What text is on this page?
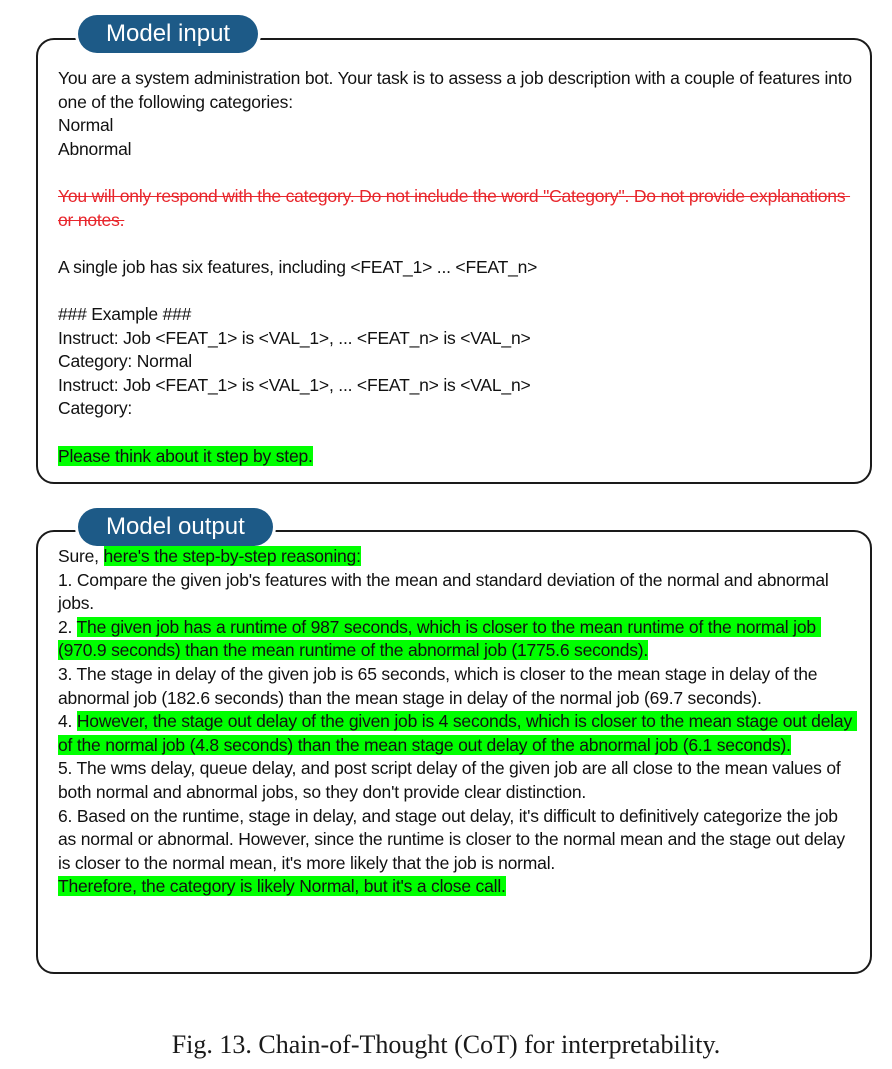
Model input
You are a system administration bot. Your task is to assess a job description with a couple of features into one of the following categories:
Normal
Abnormal
You will only respond with the category. Do not include the word "Category". Do not provide explanations or notes.
A single job has six features, including <FEAT_1> ... <FEAT_n>
### Example ###
Instruct: Job <FEAT_1> is <VAL_1>, ... <FEAT_n> is <VAL_n>
Category: Normal
Instruct: Job <FEAT_1> is <VAL_1>, ... <FEAT_n> is <VAL_n>
Category:
Please think about it step by step.
Model output
Sure, here's the step-by-step reasoning:
1. Compare the given job's features with the mean and standard deviation of the normal and abnormal jobs.
2. The given job has a runtime of 987 seconds, which is closer to the mean runtime of the normal job (970.9 seconds) than the mean runtime of the abnormal job (1775.6 seconds).
3. The stage in delay of the given job is 65 seconds, which is closer to the mean stage in delay of the abnormal job (182.6 seconds) than the mean stage in delay of the normal job (69.7 seconds).
4. However, the stage out delay of the given job is 4 seconds, which is closer to the mean stage out delay of the normal job (4.8 seconds) than the mean stage out delay of the abnormal job (6.1 seconds).
5. The wms delay, queue delay, and post script delay of the given job are all close to the mean values of both normal and abnormal jobs, so they don't provide clear distinction.
6. Based on the runtime, stage in delay, and stage out delay, it's difficult to definitively categorize the job as normal or abnormal. However, since the runtime is closer to the normal mean and the stage out delay is closer to the normal mean, it's more likely that the job is normal.
Therefore, the category is likely Normal, but it's a close call.
Fig. 13. Chain-of-Thought (CoT) for interpretability.
